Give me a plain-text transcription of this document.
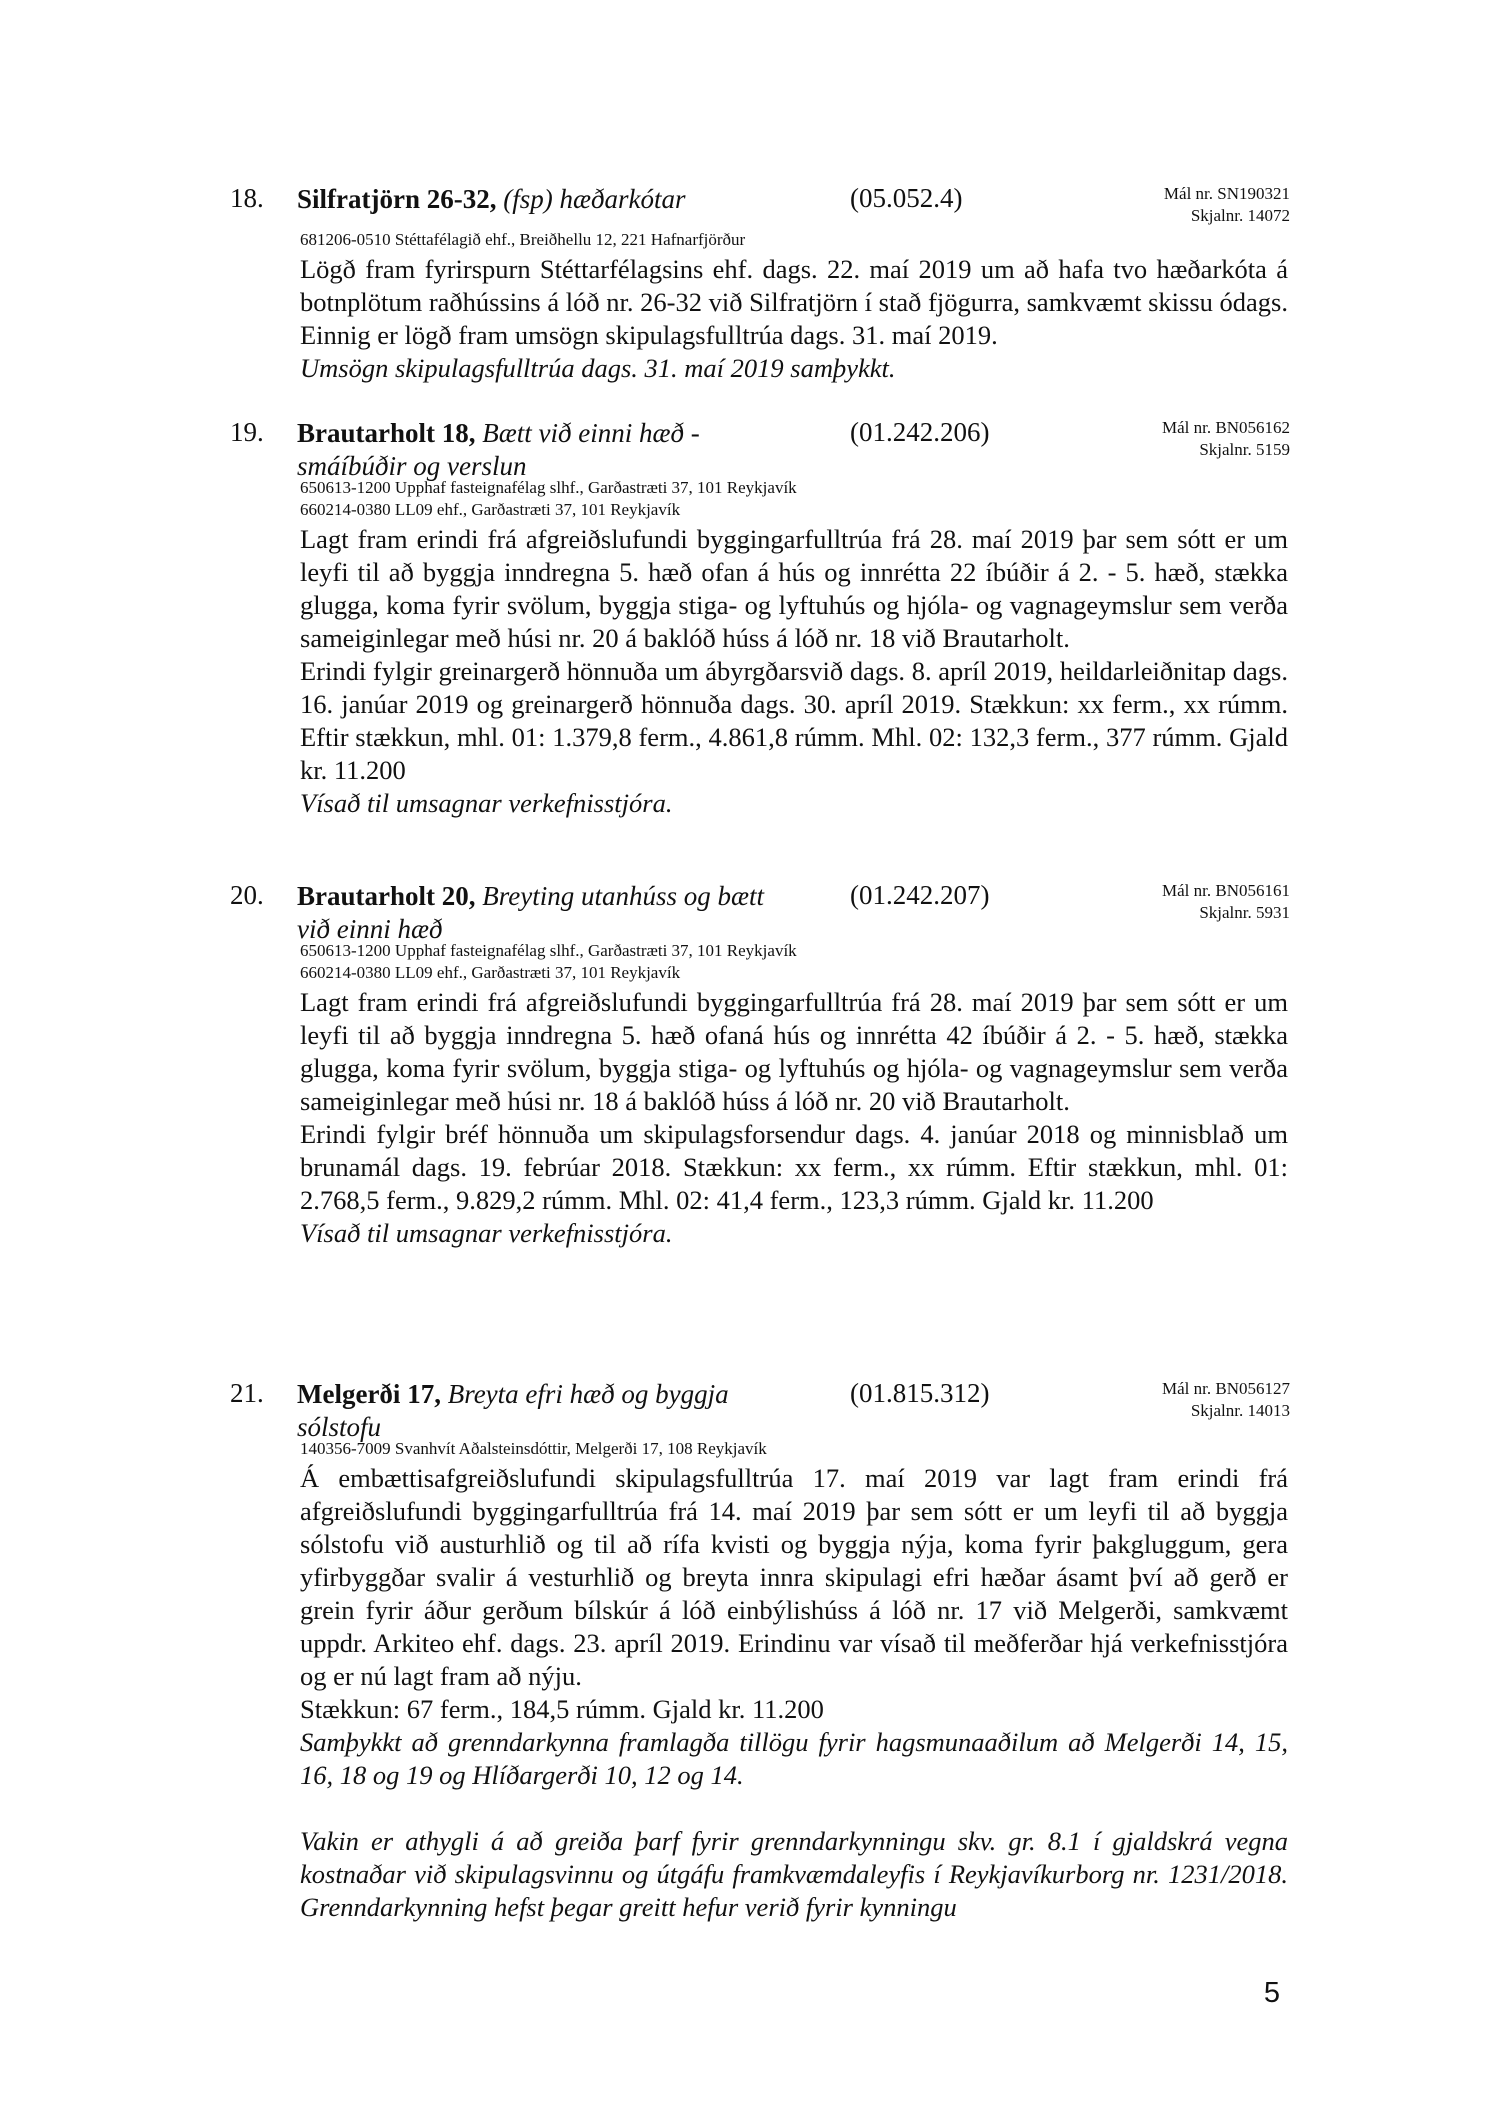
18. Silfratjörn 26-32, (fsp) hæðarkótar	(05.052.4)	Mál nr. SN190321
Skjalnr. 14072
681206-0510 Stéttafélagið ehf., Breiðhellu 12, 221 Hafnarfjörður

Lögð fram fyrirspurn Stéttarfélagsins ehf. dags. 22. maí 2019 um að hafa tvo hæðarkóta á botnplötum raðhússins á lóð nr. 26-32 við Silfratjörn í stað fjögurra, samkvæmt skissu ódags. Einnig er lögð fram umsögn skipulagsfulltrúa dags. 31. maí 2019.

Umsögn skipulagsfulltrúa dags. 31. maí 2019 samþykkt.

19. Brautarholt 18, Bætt við einni hæð - smáíbúðir og verslun
(01.242.206)	Mál nr. BN056162
Skjalnr. 5159
650613-1200 Upphaf fasteignafélag slhf., Garðastræti 37, 101 Reykjavík
660214-0380 LL09 ehf., Garðastræti 37, 101 Reykjavík

Lagt fram erindi frá afgreiðslufundi byggingarfulltrúa frá 28. maí 2019 þar sem sótt er um leyfi til að byggja inndregna 5. hæð ofan á hús og innrétta 22 íbúðir á 2. - 5. hæð, stækka glugga, koma fyrir svölum, byggja stiga- og lyftuhús og hjóla- og vagnageymslur sem verða sameiginlegar með húsi nr. 20 á baklóð húss á lóð nr. 18 við Brautarholt.

Erindi fylgir greinargerð hönnuða um ábyrgðarsvið dags. 8. apríl 2019, heildarleiðnitap dags. 16. janúar 2019 og greinargerð hönnuða dags. 30. apríl 2019. Stækkun: xx ferm., xx rúmm. Eftir stækkun, mhl. 01: 1.379,8 ferm., 4.861,8 rúmm. Mhl. 02: 132,3 ferm., 377 rúmm. Gjald kr. 11.200

Vísað til umsagnar verkefnisstjóra.

20. Brautarholt 20, Breyting utanhúss og bætt við einni hæð
(01.242.207)	Mál nr. BN056161
Skjalnr. 5931
650613-1200 Upphaf fasteignafélag slhf., Garðastræti 37, 101 Reykjavík
660214-0380 LL09 ehf., Garðastræti 37, 101 Reykjavík

Lagt fram erindi frá afgreiðslufundi byggingarfulltrúa frá 28. maí 2019 þar sem sótt er um leyfi til að byggja inndregna 5. hæð ofaná hús og innrétta 42 íbúðir á 2. - 5. hæð, stækka glugga, koma fyrir svölum, byggja stiga- og lyftuhús og hjóla- og vagnageymslur sem verða sameiginlegar með húsi nr. 18 á baklóð húss á lóð nr. 20 við Brautarholt.

Erindi fylgir bréf hönnuða um skipulagsforsendur dags. 4. janúar 2018 og minnisblað um brunamál dags. 19. febrúar 2018. Stækkun: xx ferm., xx rúmm. Eftir stækkun, mhl. 01: 2.768,5 ferm., 9.829,2 rúmm. Mhl. 02: 41,4 ferm., 123,3 rúmm. Gjald kr. 11.200

Vísað til umsagnar verkefnisstjóra.

21. Melgerði 17, Breyta efri hæð og byggja sólstofu
(01.815.312)	Mál nr. BN056127
Skjalnr. 14013
140356-7009 Svanhvít Aðalsteinsdóttir, Melgerði 17, 108 Reykjavík

Á embættisafgreiðslufundi skipulagsfulltrúa 17. maí 2019 var lagt fram erindi frá afgreiðslufundi byggingarfulltrúa frá 14. maí 2019 þar sem sótt er um leyfi til að byggja sólstofu við austurhlið og til að rífa kvisti og byggja nýja, koma fyrir þakgluggum, gera yfirbyggðar svalir á vesturhlið og breyta innra skipulagi efri hæðar ásamt því að gerð er grein fyrir áður gerðum bílskúr á lóð einbýlishúss á lóð nr. 17 við Melgerði, samkvæmt uppdr. Arkiteo ehf. dags. 23. apríl 2019. Erindinu var vísað til meðferðar hjá verkefnisstjóra og er nú lagt fram að nýju.

Stækkun: 67 ferm., 184,5 rúmm. Gjald kr. 11.200

Samþykkt að grenndarkynna framlagða tillögu fyrir hagsmunaaðilum að Melgerði 14, 15, 16, 18 og 19 og Hlíðargerði 10, 12 og 14.

Vakin er athygli á að greiða þarf fyrir grenndarkynningu skv. gr. 8.1 í gjaldskrá vegna kostnaðar við skipulagsvinnu og útgáfu framkvæmdaleyfis í Reykjavíkurborg nr. 1231/2018. Grenndarkynning hefst þegar greitt hefur verið fyrir kynningu

5
